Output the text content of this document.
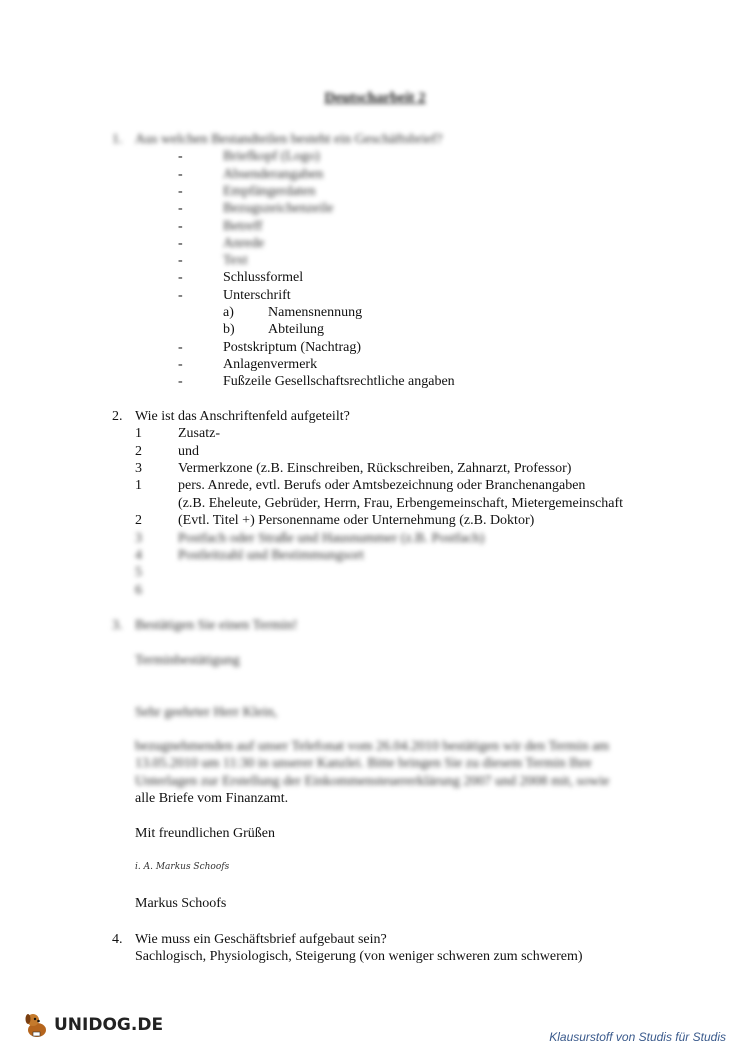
Deutscharbeit 2
1. Aus welchen Bestandteilen besteht ein Geschäftsbrief?
-	Briefkopf (Logo)
-	Absenderangaben
-	Empfängerdaten
-	Bezugszeichenzeile
-	Betreff
-	Anrede
-	Text
-	Schlussformel
-	Unterschrift
a) Namensnennung
b) Abteilung
-	Postskriptum (Nachtrag)
-	Anlagenvermerk
-	Fußzeile Gesellschaftsrechtliche angaben
2. Wie ist das Anschriftenfeld aufgeteilt?
1	Zusatz-
2	und
3	Vermerkzone (z.B. Einschreiben, Rückschreiben, Zahnarzt, Professor)
1	pers. Anrede, evtl. Berufs oder Amtsbezeichnung oder Branchenangaben
(z.B. Eheleute, Gebrüder, Herrn, Frau, Erbengemeinschaft, Mietergemeinschaft
2	(Evtl. Titel +) Personenname oder Unternehmung (z.B. Doktor)
3	Postfach oder Straße und Hausnummer (z.B. Postfach)
4	Postleitzahl und Bestimmungsort
5
6
3. Bestätigen Sie einen Termin!
Terminbestätigung
Sehr geehrter Herr Klein,
bezugnehmenden auf unser Telefonat vom 26.04.2010 bestätigen wir den Termin am
13.05.2010 um 11:30 in unserer Kanzlei. Bitte bringen Sie zu diesem Termin Ihre
Unterlagen zur Erstellung der Einkommensteuererklärung 2007 und 2008 mit, sowie
alle Briefe vom Finanzamt.
Mit freundlichen Grüßen
i. A. Markus Schoofs
Markus Schoofs
4. Wie muss ein Geschäftsbrief aufgebaut sein?
Sachlogisch, Physiologisch, Steigerung (von weniger schweren zum schwerem)
UNIDOG.DE
Klausurstoff von Studis für Studis
